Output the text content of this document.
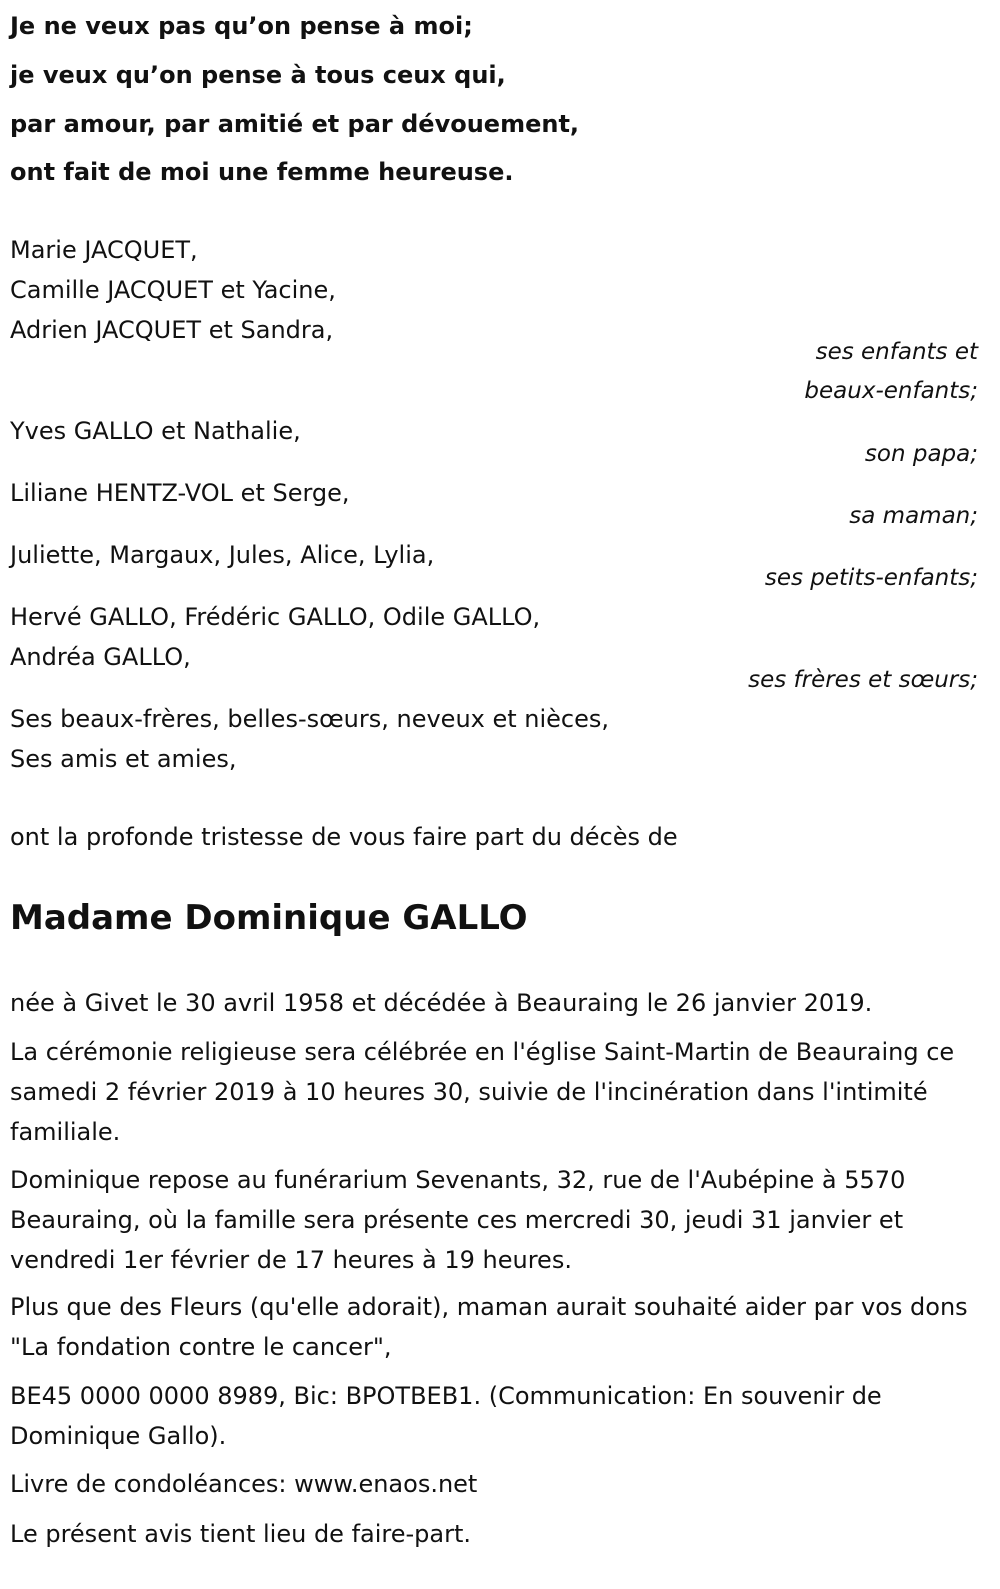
Je ne veux pas qu’on pense à moi;
je veux qu’on pense à tous ceux qui,
par amour, par amitié et par dévouement,
ont fait de moi une femme heureuse.
Marie JACQUET,
Camille JACQUET et Yacine,
Adrien JACQUET et Sandra,
ses enfants et
beaux-enfants;
Yves GALLO et Nathalie,
son papa;
Liliane HENTZ-VOL et Serge,
sa maman;
Juliette, Margaux, Jules, Alice, Lylia,
ses petits-enfants;
Hervé GALLO, Frédéric GALLO, Odile GALLO,
Andréa GALLO,
ses frères et sœurs;
Ses beaux-frères, belles-sœurs, neveux et nièces,
Ses amis et amies,
ont la profonde tristesse de vous faire part du décès de
Madame Dominique GALLO
née à Givet le 30 avril 1958 et décédée à Beauraing le 26 janvier 2019.
La cérémonie religieuse sera célébrée en l'église Saint-Martin de Beauraing ce samedi 2 février 2019 à 10 heures 30, suivie de l'incinération dans l'intimité familiale.
Dominique repose au funérarium Sevenants, 32, rue de l'Aubépine à 5570 Beauraing, où la famille sera présente ces mercredi 30, jeudi 31 janvier et vendredi 1er février de 17 heures à 19 heures.
Plus que des Fleurs (qu'elle adorait), maman aurait souhaité aider par vos dons "La fondation contre le cancer",
BE45 0000 0000 8989, Bic: BPOTBEB1. (Communication: En souvenir de Dominique Gallo).
Livre de condoléances: www.enaos.net
Le présent avis tient lieu de faire-part.
